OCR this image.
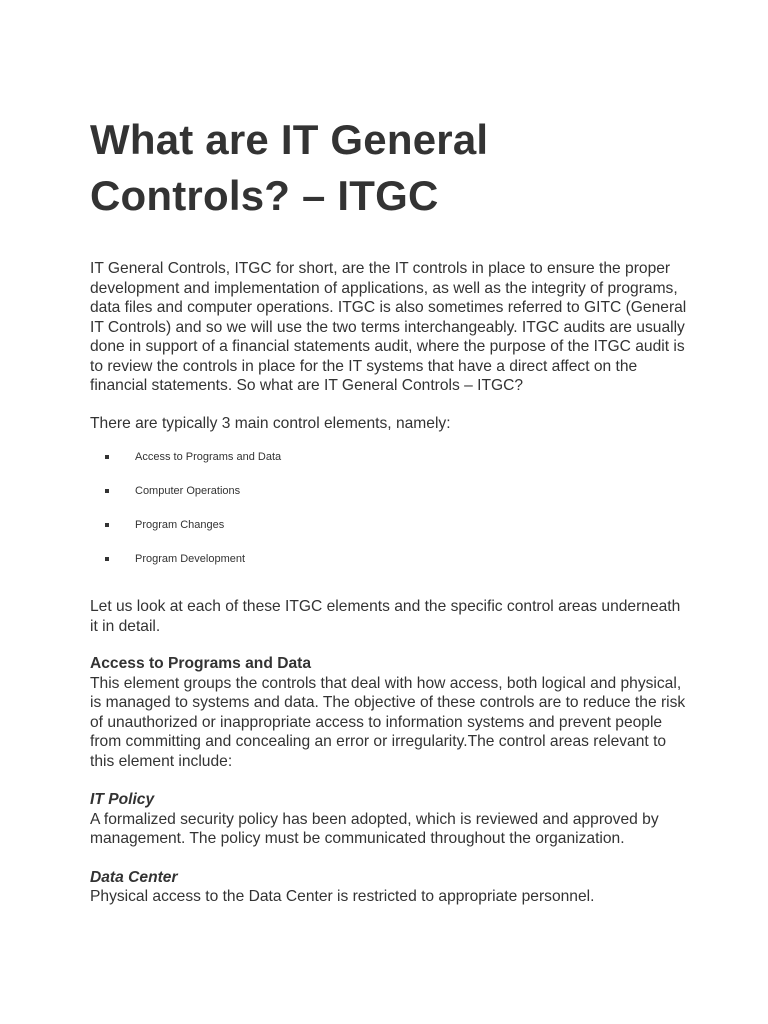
What are IT General Controls? – ITGC

IT General Controls, ITGC for short, are the IT controls in place to ensure the proper development and implementation of applications, as well as the integrity of programs, data files and computer operations. ITGC is also sometimes referred to GITC (General IT Controls) and so we will use the two terms interchangeably. ITGC audits are usually done in support of a financial statements audit, where the purpose of the ITGC audit is to review the controls in place for the IT systems that have a direct affect on the financial statements. So what are IT General Controls – ITGC?

There are typically 3 main control elements, namely:

Access to Programs and Data
Computer Operations
Program Changes
Program Development

Let us look at each of these ITGC elements and the specific control areas underneath it in detail.

Access to Programs and Data

This element groups the controls that deal with how access, both logical and physical, is managed to systems and data. The objective of these controls are to reduce the risk of unauthorized or inappropriate access to information systems and prevent people from committing and concealing an error or irregularity.The control areas relevant to this element include:

IT Policy

A formalized security policy has been adopted, which is reviewed and approved by management. The policy must be communicated throughout the organization.

Data Center

Physical access to the Data Center is restricted to appropriate personnel.
